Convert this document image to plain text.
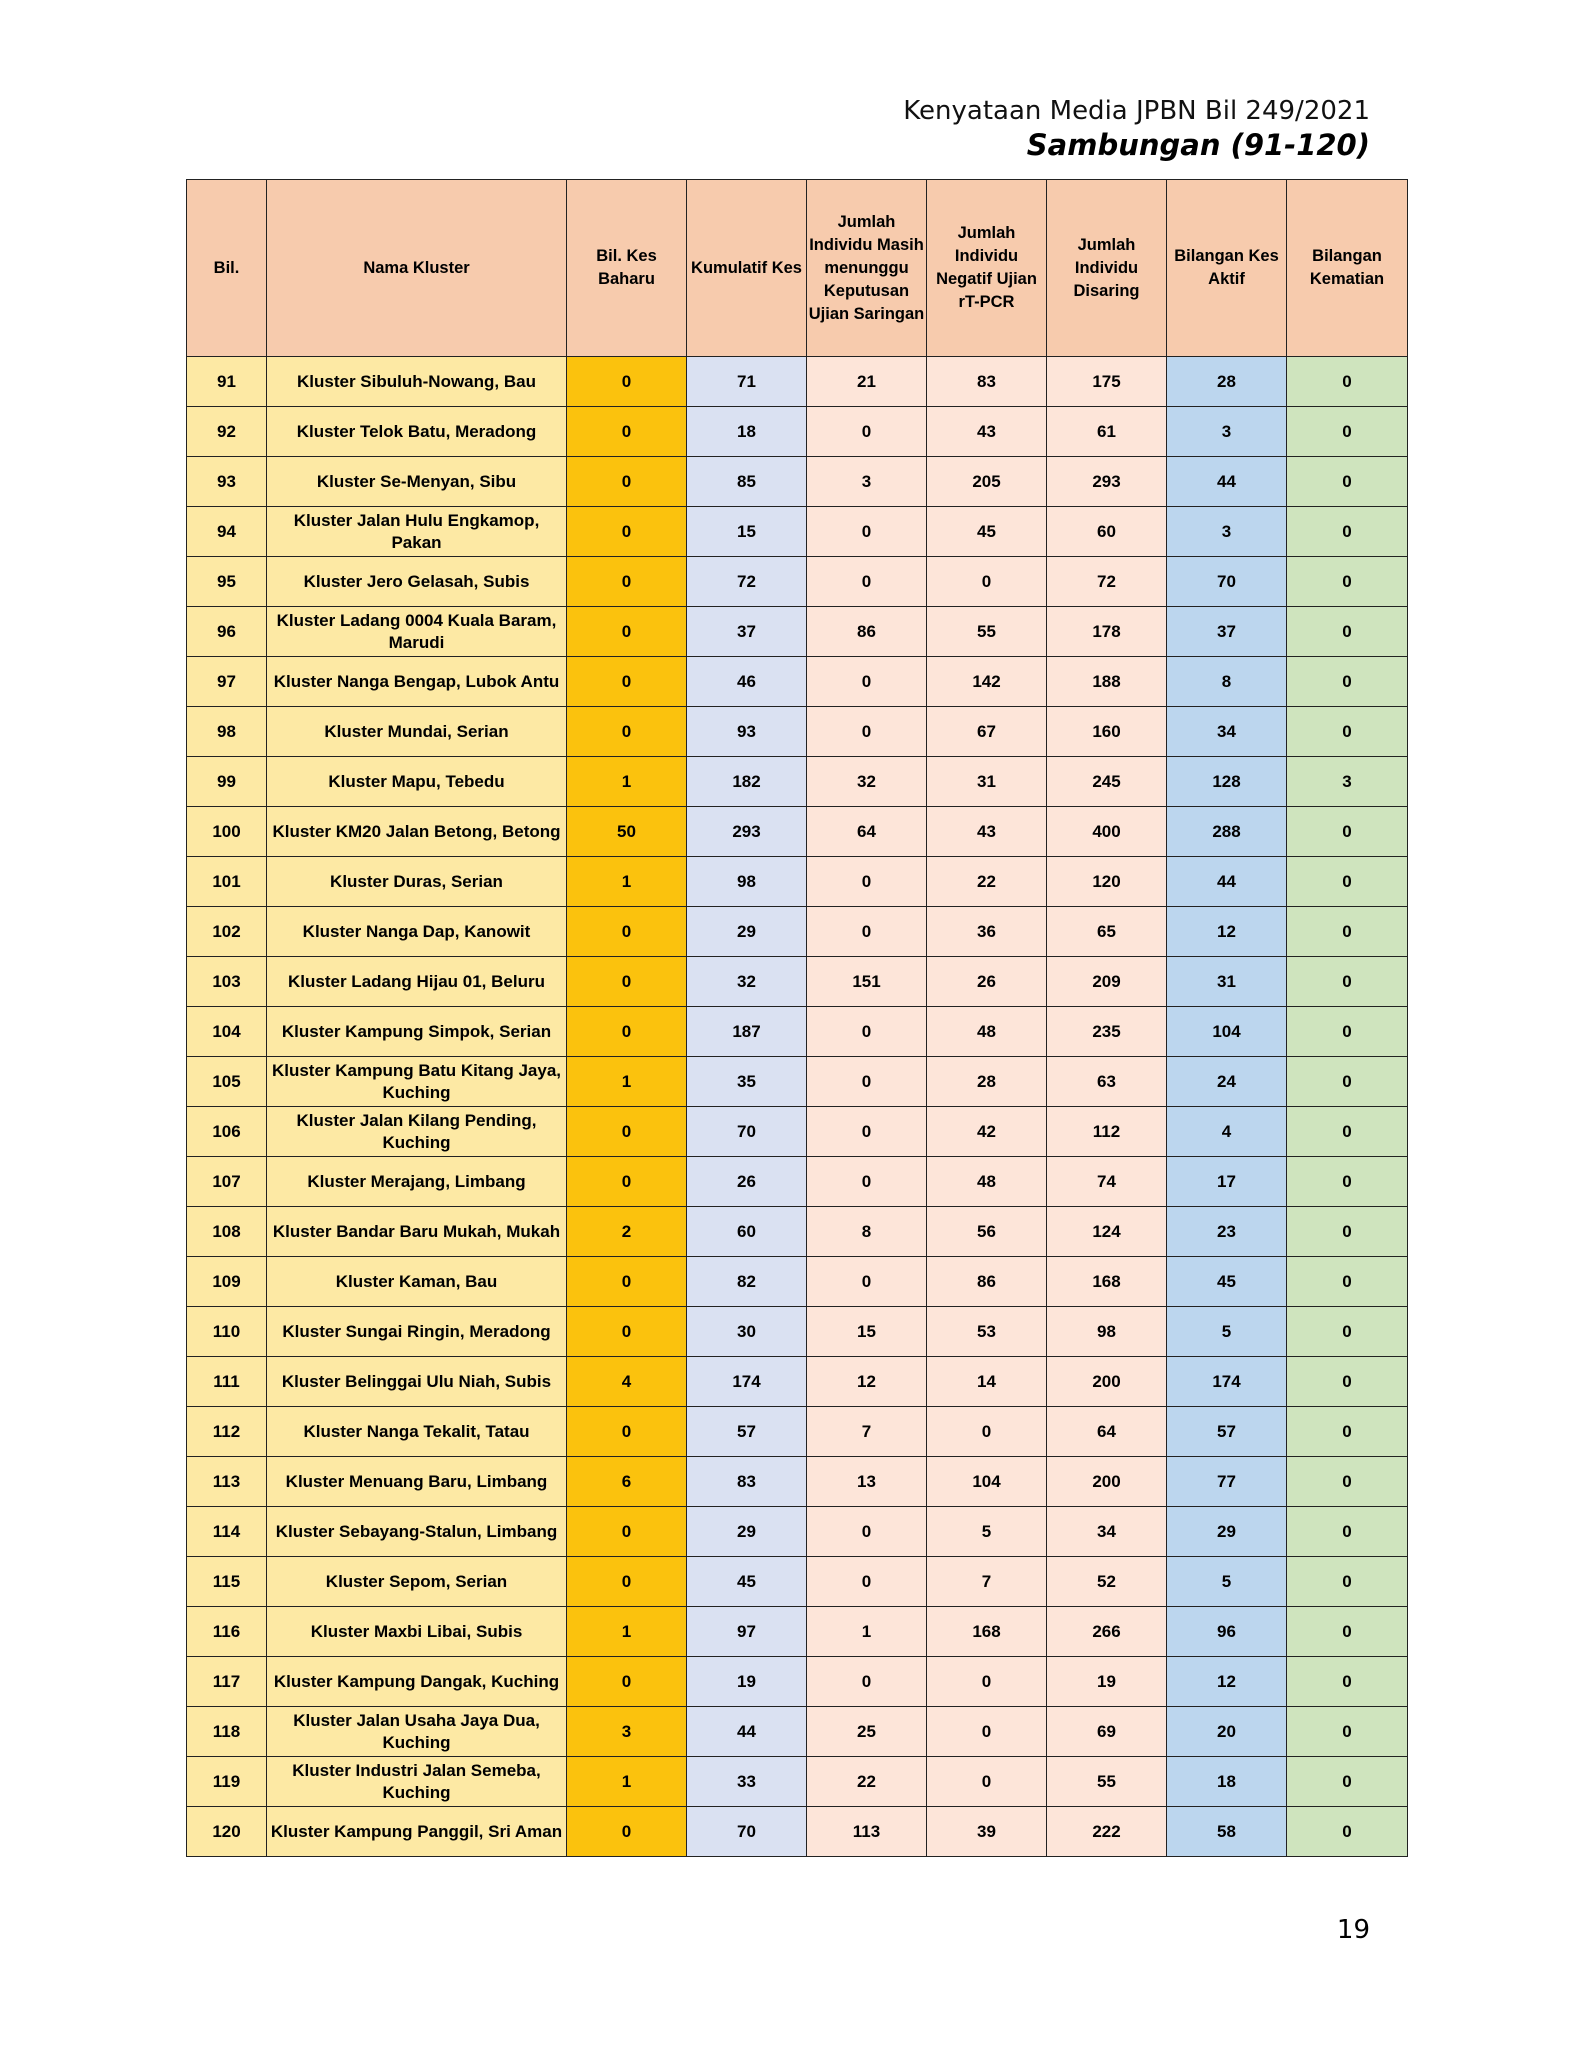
Kenyataan Media JPBN Bil 249/2021
Sambungan (91-120)
Bil.	Nama Kluster	Bil. Kes Baharu	Kumulatif Kes	Jumlah Individu Masih menunggu Keputusan Ujian Saringan	Jumlah Individu Negatif Ujian rT-PCR	Jumlah Individu Disaring	Bilangan Kes Aktif	Bilangan Kematian
91	Kluster Sibuluh-Nowang, Bau	0	71	21	83	175	28	0
92	Kluster Telok Batu, Meradong	0	18	0	43	61	3	0
93	Kluster Se-Menyan, Sibu	0	85	3	205	293	44	0
94	Kluster Jalan Hulu Engkamop, Pakan	0	15	0	45	60	3	0
95	Kluster Jero Gelasah, Subis	0	72	0	0	72	70	0
96	Kluster Ladang 0004 Kuala Baram, Marudi	0	37	86	55	178	37	0
97	Kluster Nanga Bengap, Lubok Antu	0	46	0	142	188	8	0
98	Kluster Mundai, Serian	0	93	0	67	160	34	0
99	Kluster Mapu, Tebedu	1	182	32	31	245	128	3
100	Kluster KM20 Jalan Betong, Betong	50	293	64	43	400	288	0
101	Kluster Duras, Serian	1	98	0	22	120	44	0
102	Kluster Nanga Dap, Kanowit	0	29	0	36	65	12	0
103	Kluster Ladang Hijau 01, Beluru	0	32	151	26	209	31	0
104	Kluster Kampung Simpok, Serian	0	187	0	48	235	104	0
105	Kluster Kampung Batu Kitang Jaya, Kuching	1	35	0	28	63	24	0
106	Kluster Jalan Kilang Pending, Kuching	0	70	0	42	112	4	0
107	Kluster Merajang, Limbang	0	26	0	48	74	17	0
108	Kluster Bandar Baru Mukah, Mukah	2	60	8	56	124	23	0
109	Kluster Kaman, Bau	0	82	0	86	168	45	0
110	Kluster Sungai Ringin, Meradong	0	30	15	53	98	5	0
111	Kluster Belinggai Ulu Niah, Subis	4	174	12	14	200	174	0
112	Kluster Nanga Tekalit, Tatau	0	57	7	0	64	57	0
113	Kluster Menuang Baru, Limbang	6	83	13	104	200	77	0
114	Kluster Sebayang-Stalun, Limbang	0	29	0	5	34	29	0
115	Kluster Sepom, Serian	0	45	0	7	52	5	0
116	Kluster Maxbi Libai, Subis	1	97	1	168	266	96	0
117	Kluster Kampung Dangak, Kuching	0	19	0	0	19	12	0
118	Kluster Jalan Usaha Jaya Dua, Kuching	3	44	25	0	69	20	0
119	Kluster Industri Jalan Semeba, Kuching	1	33	22	0	55	18	0
120	Kluster Kampung Panggil, Sri Aman	0	70	113	39	222	58	0
19
